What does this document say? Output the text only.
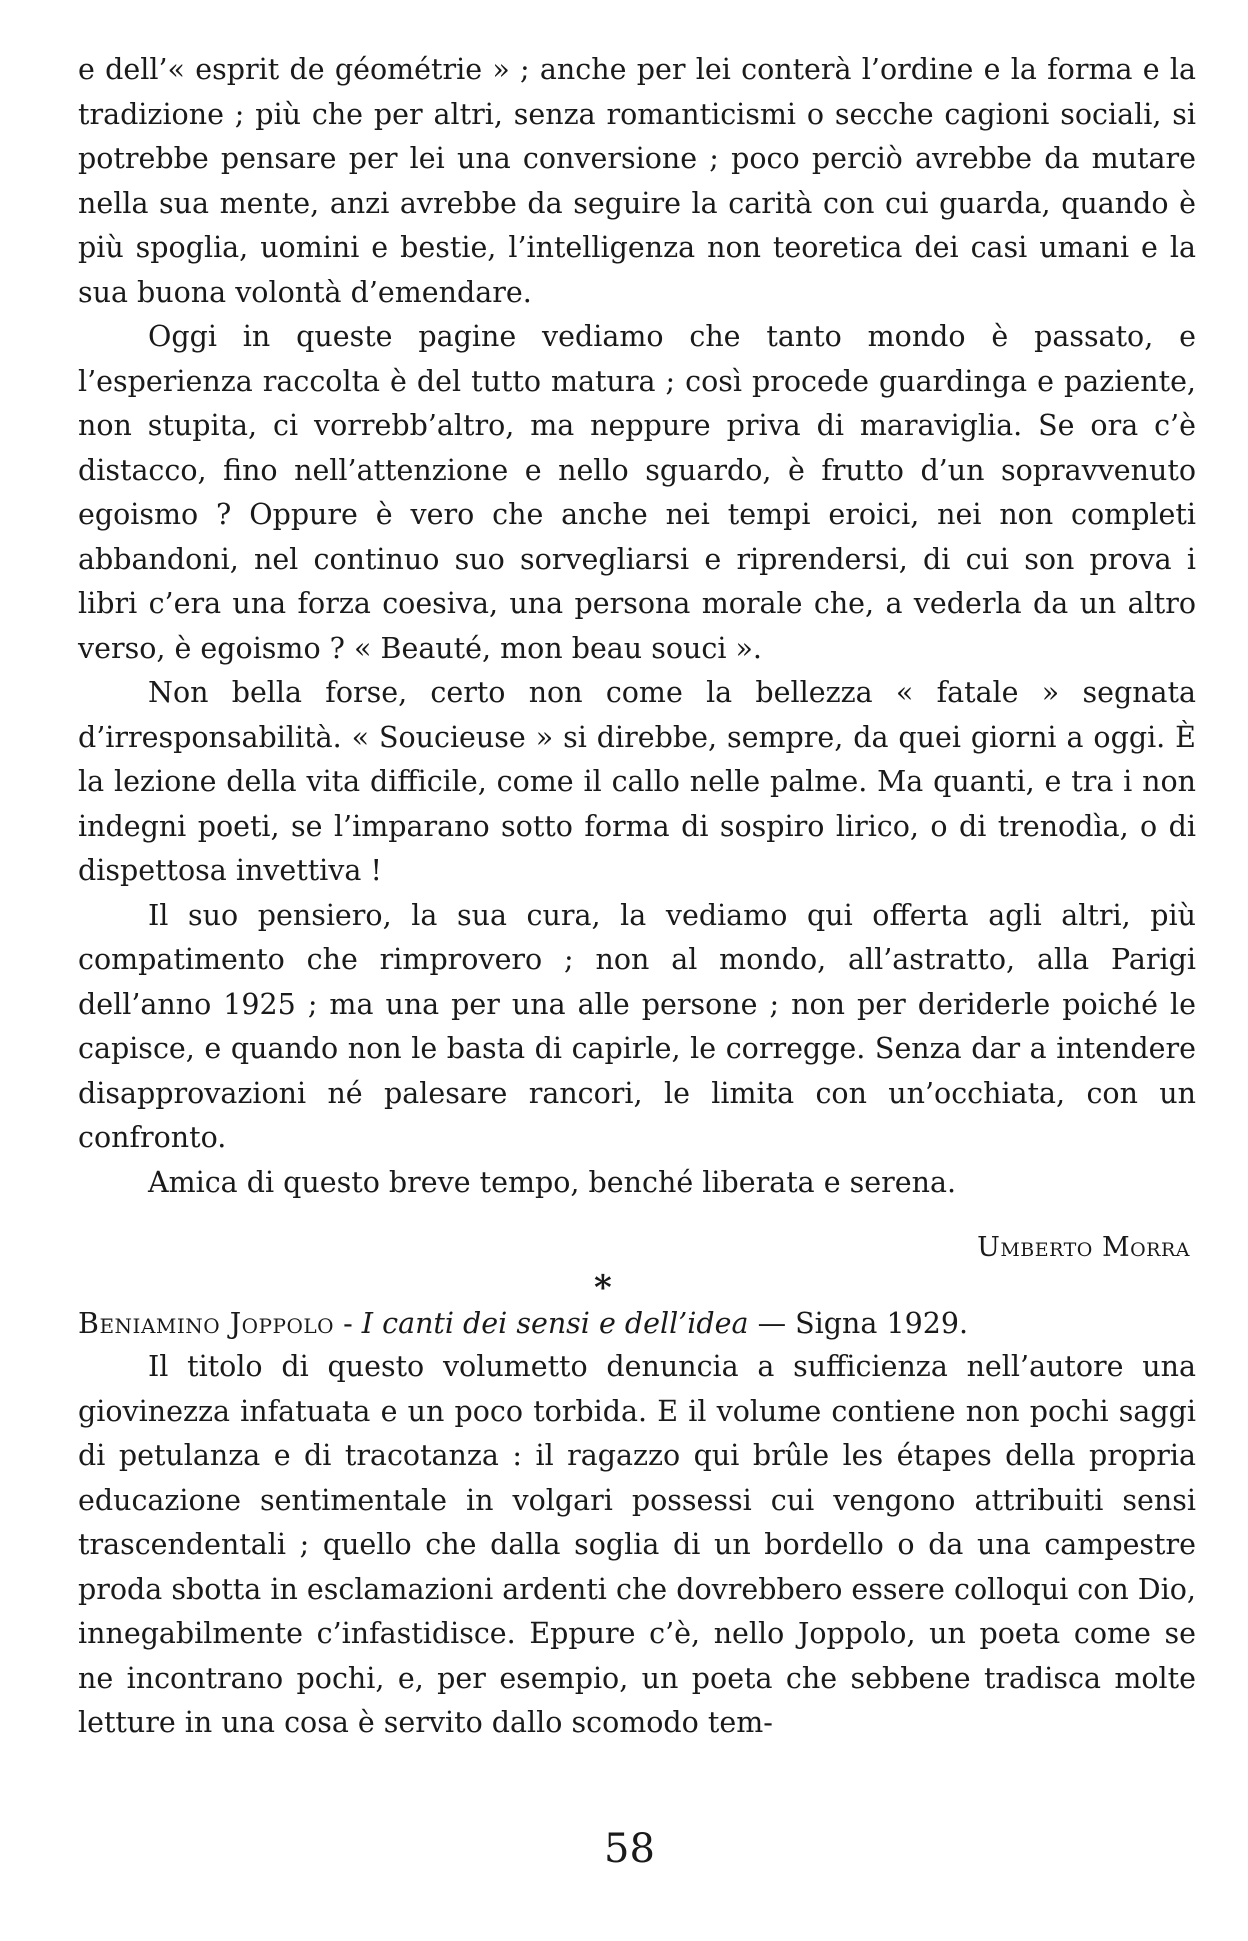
e dell’« esprit de géométrie » ; anche per lei conterà l’ordine e la forma e la tradizione ; più che per altri, senza romanticismi o secche cagioni sociali, si potrebbe pensare per lei una conversione ; poco perciò avrebbe da mutare nella sua mente, anzi avrebbe da seguire la carità con cui guarda, quando è più spoglia, uomini e bestie, l’intelligenza non teoretica dei casi umani e la sua buona volontà d’emendare.

Oggi in queste pagine vediamo che tanto mondo è passato, e l’esperienza raccolta è del tutto matura ; così procede guardinga e paziente, non stupita, ci vorrebb’altro, ma neppure priva di maraviglia. Se ora c’è distacco, fino nell’attenzione e nello sguardo, è frutto d’un sopravvenuto egoismo ? Oppure è vero che anche nei tempi eroici, nei non completi abbandoni, nel continuo suo sorvegliarsi e riprendersi, di cui son prova i libri c’era una forza coesiva, una persona morale che, a vederla da un altro verso, è egoismo ? « Beauté, mon beau souci ».

Non bella forse, certo non come la bellezza « fatale » segnata d’irresponsabilità. « Soucieuse » si direbbe, sempre, da quei giorni a oggi. È la lezione della vita difficile, come il callo nelle palme. Ma quanti, e tra i non indegni poeti, se l’imparano sotto forma di sospiro lirico, o di trenodìa, o di dispettosa invettiva !

Il suo pensiero, la sua cura, la vediamo qui offerta agli altri, più compatimento che rimprovero ; non al mondo, all’astratto, alla Parigi dell’anno 1925 ; ma una per una alle persone ; non per deriderle poiché le capisce, e quando non le basta di capirle, le corregge. Senza dar a intendere disapprovazioni né palesare rancori, le limita con un’occhiata, con un confronto.

Amica di questo breve tempo, benché liberata e serena.

Umberto Morra
*
Beniamino Joppolo - I canti dei sensi e dell’idea — Signa 1929.

Il titolo di questo volumetto denuncia a sufficienza nell’autore una giovinezza infatuata e un poco torbida. E il volume contiene non pochi saggi di petulanza e di tracotanza : il ragazzo qui brûle les étapes della propria educazione sentimentale in volgari possessi cui vengono attribuiti sensi trascendentali ; quello che dalla soglia di un bordello o da una campestre proda sbotta in esclamazioni ardenti che dovrebbero essere colloqui con Dio, innegabilmente c’infastidisce. Eppure c’è, nello Joppolo, un poeta come se ne incontrano pochi, e, per esempio, un poeta che sebbene tradisca molte letture in una cosa è servito dallo scomodo tem-

58
